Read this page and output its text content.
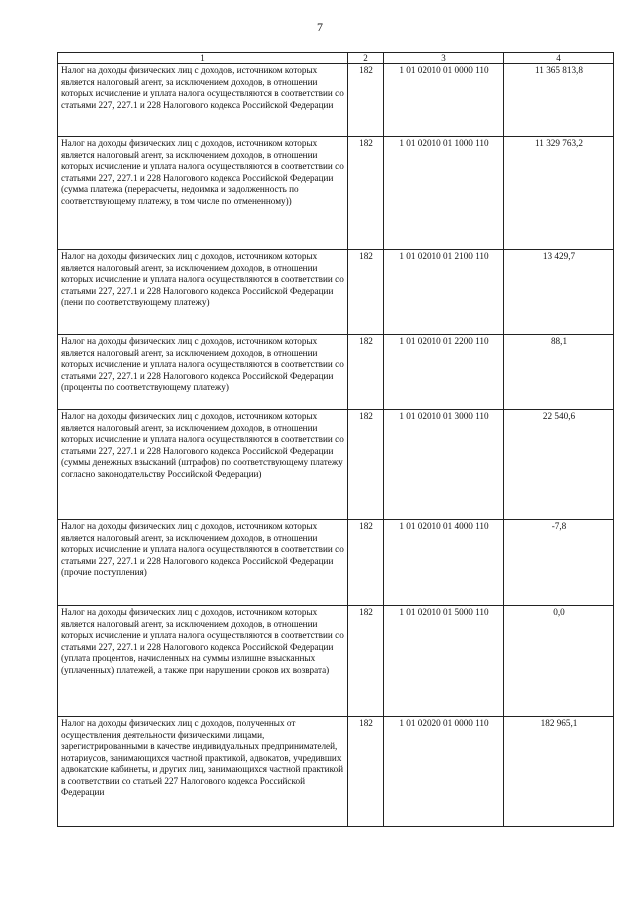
7
1	2	3	4
Налог на доходы физических лиц с доходов, источником которых является налоговый агент, за исключением доходов, в отношении которых исчисление и уплата налога осуществляются в соответствии со статьями 227, 227.1 и 228 Налогового кодекса Российской Федерации	182	1 01 02010 01 0000 110	11 365 813,8
Налог на доходы физических лиц с доходов, источником которых является налоговый агент, за исключением доходов, в отношении которых исчисление и уплата налога осуществляются в соответствии со статьями 227, 227.1 и 228 Налогового кодекса Российской Федерации (сумма платежа (перерасчеты, недоимка и задолженность по соответствующему платежу, в том числе по отмененному))	182	1 01 02010 01 1000 110	11 329 763,2
Налог на доходы физических лиц с доходов, источником которых является налоговый агент, за исключением доходов, в отношении которых исчисление и уплата налога осуществляются в соответствии со статьями 227, 227.1 и 228 Налогового кодекса Российской Федерации (пени по соответствующему платежу)	182	1 01 02010 01 2100 110	13 429,7
Налог на доходы физических лиц с доходов, источником которых является налоговый агент, за исключением доходов, в отношении которых исчисление и уплата налога осуществляются в соответствии со статьями 227, 227.1 и 228 Налогового кодекса Российской Федерации (проценты по соответствующему платежу)	182	1 01 02010 01 2200 110	88,1
Налог на доходы физических лиц с доходов, источником которых является налоговый агент, за исключением доходов, в отношении которых исчисление и уплата налога осуществляются в соответствии со статьями 227, 227.1 и 228 Налогового кодекса Российской Федерации (суммы денежных взысканий (штрафов) по соответствующему платежу согласно законодательству Российской Федерации)	182	1 01 02010 01 3000 110	22 540,6
Налог на доходы физических лиц с доходов, источником которых является налоговый агент, за исключением доходов, в отношении которых исчисление и уплата налога осуществляются в соответствии со статьями 227, 227.1 и 228 Налогового кодекса Российской Федерации (прочие поступления)	182	1 01 02010 01 4000 110	-7,8
Налог на доходы физических лиц с доходов, источником которых является налоговый агент, за исключением доходов, в отношении которых исчисление и уплата налога осуществляются в соответствии со статьями 227, 227.1 и 228 Налогового кодекса Российской Федерации (уплата процентов, начисленных на суммы излишне взысканных (уплаченных) платежей, а также при нарушении сроков их возврата)	182	1 01 02010 01 5000 110	0,0
Налог на доходы физических лиц с доходов, полученных от осуществления деятельности физическими лицами, зарегистрированными в качестве индивидуальных предпринимателей, нотариусов, занимающихся частной практикой, адвокатов, учредивших адвокатские кабинеты, и других лиц, занимающихся частной практикой в соответствии со статьей 227 Налогового кодекса Российской Федерации	182	1 01 02020 01 0000 110	182 965,1
